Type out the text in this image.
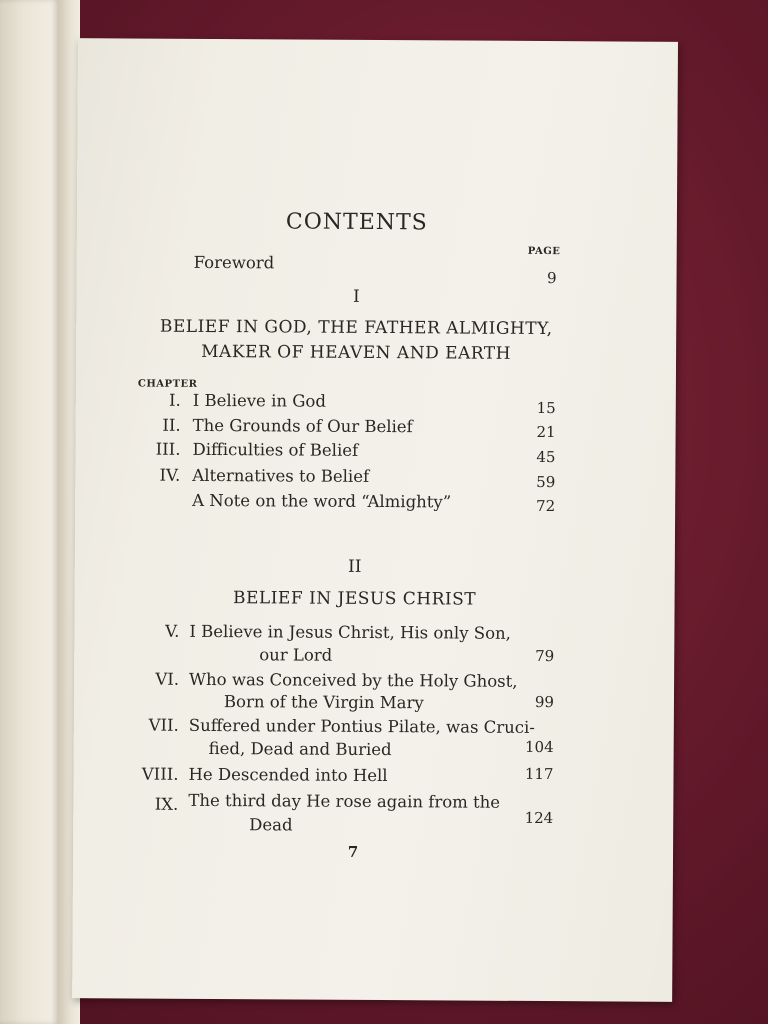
CONTENTS
PAGE
Foreword
9
I
BELIEF IN GOD, THE FATHER ALMIGHTY,
MAKER OF HEAVEN AND EARTH
CHAPTER
I. I Believe in God	15
II. The Grounds of Our Belief	21
III. Difficulties of Belief	45
IV. Alternatives to Belief	59
A Note on the word “Almighty”	72
II
BELIEF IN JESUS CHRIST
V. I Believe in Jesus Christ, His only Son,
our Lord	79
VI. Who was Conceived by the Holy Ghost,
Born of the Virgin Mary	99
VII. Suffered under Pontius Pilate, was Cruci-
fied, Dead and Buried	104
VIII. He Descended into Hell	117
IX. The third day He rose again from the
Dead	124
7
